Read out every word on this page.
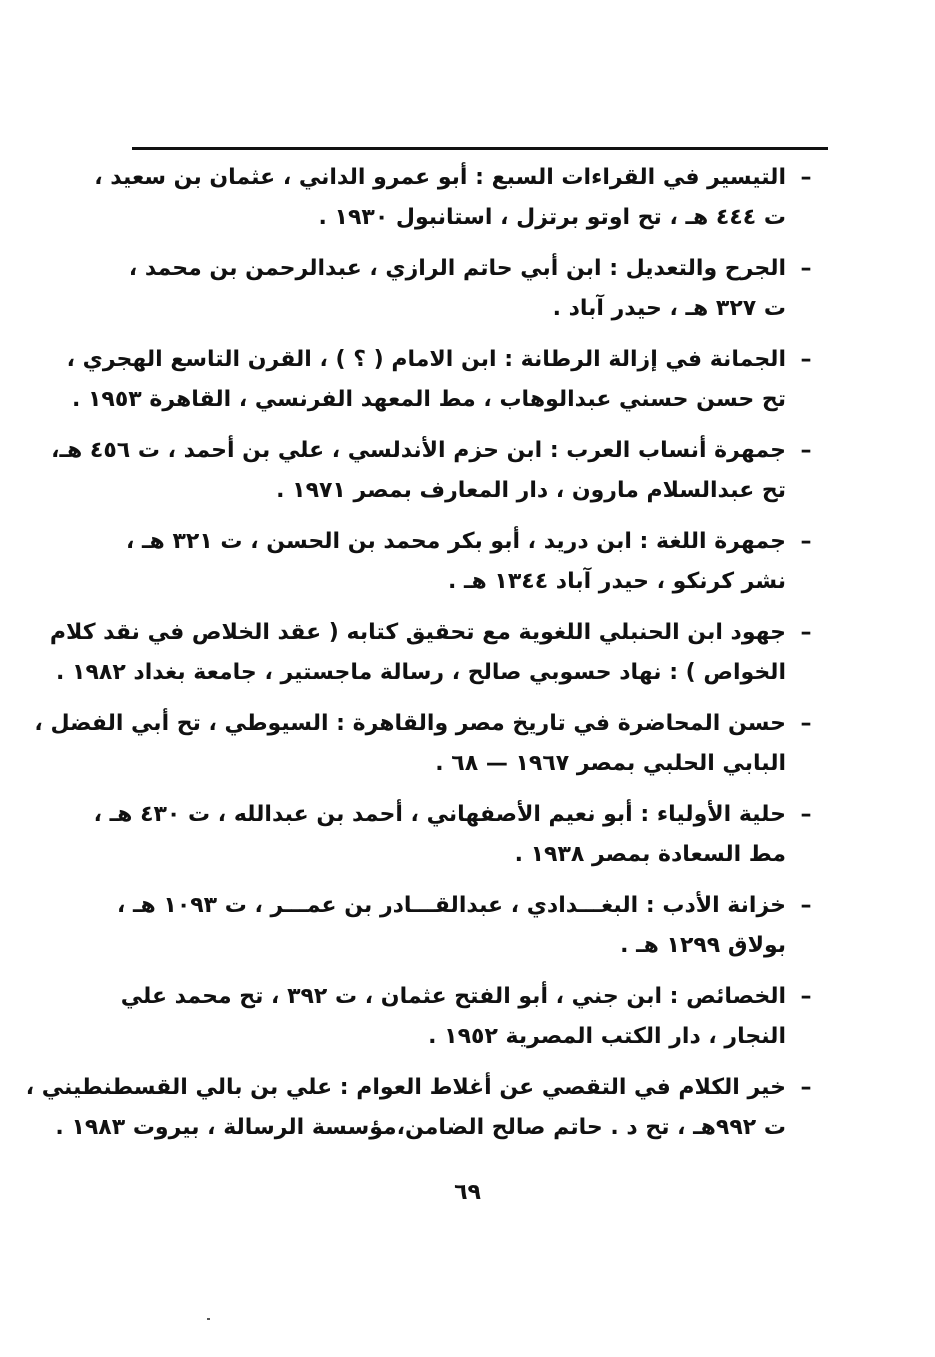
–
التيسير في القراءات السبع : أبو عمرو الداني ، عثمان بن سعيد ،
ت ٤٤٤ هـ ، تح اوتو برتزل ، استانبول ١٩٣٠ .
–
الجرح والتعديل : ابن أبي حاتم الرازي ، عبدالرحمن بن محمد ،
ت ٣٢٧ هـ ، حيدر آباد .
–
الجمانة في إزالة الرطانة : ابن الامام ( ؟ ) ، القرن التاسع الهجري ،
تح حسن حسني عبدالوهاب ، مط المعهد الفرنسي ، القاهرة ١٩٥٣ .
–
جمهرة أنساب العرب : ابن حزم الأندلسي ، علي بن أحمد ، ت ٤٥٦ هـ،
تح عبدالسلام مارون ، دار المعارف بمصر ١٩٧١ .
–
جمهرة اللغة : ابن دريد ، أبو بكر محمد بن الحسن ، ت ٣٢١ هـ ،
نشر كرنكو ، حيدر آباد ١٣٤٤ هـ .
–
جهود ابن الحنبلي اللغوية مع تحقيق كتابه ( عقد الخلاص في نقد كلام
الخواص ) : نهاد حسوبي صالح ، رسالة ماجستير ، جامعة بغداد ١٩٨٢ .
–
حسن المحاضرة في تاريخ مصر والقاهرة : السيوطي ، تح أبي الفضل ،
البابي الحلبي بمصر ١٩٦٧ — ٦٨ .
–
حلية الأولياء : أبو نعيم الأصفهاني ، أحمد بن عبدالله ، ت ٤٣٠ هـ ،
مط السعادة بمصر ١٩٣٨ .
–
خزانة الأدب : البغـــدادي ، عبدالقـــادر بن عمـــر ، ت ١٠٩٣ هـ ،
بولاق ١٢٩٩ هـ .
–
الخصائص : ابن جني ، أبو الفتح عثمان ، ت ٣٩٢ ، تح محمد علي
النجار ، دار الكتب المصرية ١٩٥٢ .
–
خير الكلام في التقصي عن أغلاط العوام : علي بن بالي القسطنطيني ،
ت ٩٩٢هـ ، تح د . حاتم صالح الضامن،مؤسسة الرسالة ، بيروت ١٩٨٣ .
٦٩
